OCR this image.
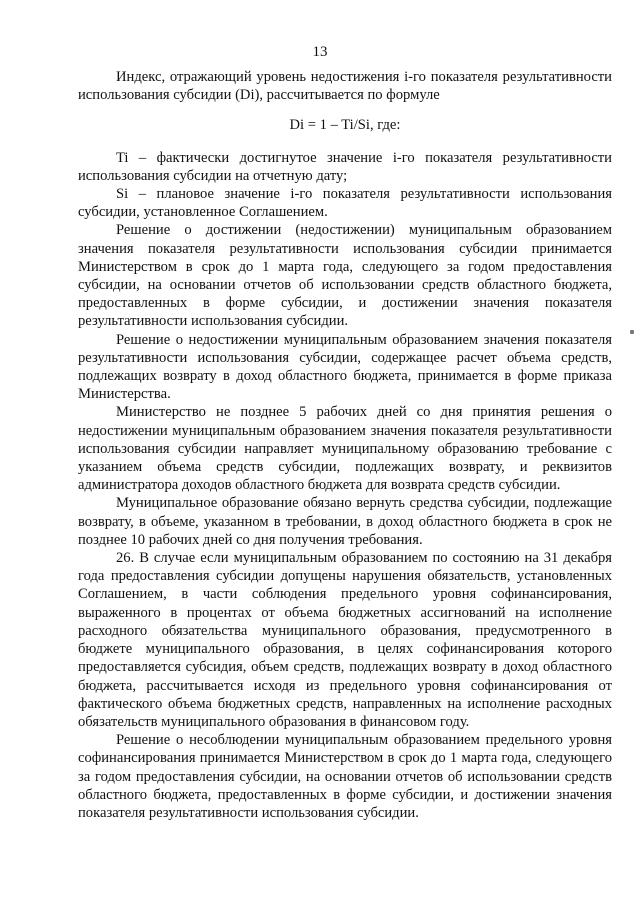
13

Индекс, отражающий уровень недостижения i-го показателя результативности использования субсидии (Di), рассчитывается по формуле

Di = 1 – Ti/Si, где:

Ti – фактически достигнутое значение i-го показателя результативности использования субсидии на отчетную дату;

Si – плановое значение i-го показателя результативности использования субсидии, установленное Соглашением.

Решение о достижении (недостижении) муниципальным образованием значения показателя результативности использования субсидии принимается Министерством в срок до 1 марта года, следующего за годом предоставления субсидии, на основании отчетов об использовании средств областного бюджета, предоставленных в форме субсидии, и достижении значения показателя результативности использования субсидии.

Решение о недостижении муниципальным образованием значения показателя результативности использования субсидии, содержащее расчет объема средств, подлежащих возврату в доход областного бюджета, принимается в форме приказа Министерства.

Министерство не позднее 5 рабочих дней со дня принятия решения о недостижении муниципальным образованием значения показателя результативности использования субсидии направляет муниципальному образованию требование с указанием объема средств субсидии, подлежащих возврату, и реквизитов администратора доходов областного бюджета для возврата средств субсидии.

Муниципальное образование обязано вернуть средства субсидии, подлежащие возврату, в объеме, указанном в требовании, в доход областного бюджета в срок не позднее 10 рабочих дней со дня получения требования.

26. В случае если муниципальным образованием по состоянию на 31 декабря года предоставления субсидии допущены нарушения обязательств, установленных Соглашением, в части соблюдения предельного уровня софинансирования, выраженного в процентах от объема бюджетных ассигнований на исполнение расходного обязательства муниципального образования, предусмотренного в бюджете муниципального образования, в целях софинансирования которого предоставляется субсидия, объем средств, подлежащих возврату в доход областного бюджета, рассчитывается исходя из предельного уровня софинансирования от фактического объема бюджетных средств, направленных на исполнение расходных обязательств муниципального образования в финансовом году.

Решение о несоблюдении муниципальным образованием предельного уровня софинансирования принимается Министерством в срок до 1 марта года, следующего за годом предоставления субсидии, на основании отчетов об использовании средств областного бюджета, предоставленных в форме субсидии, и достижении значения показателя результативности использования субсидии.
